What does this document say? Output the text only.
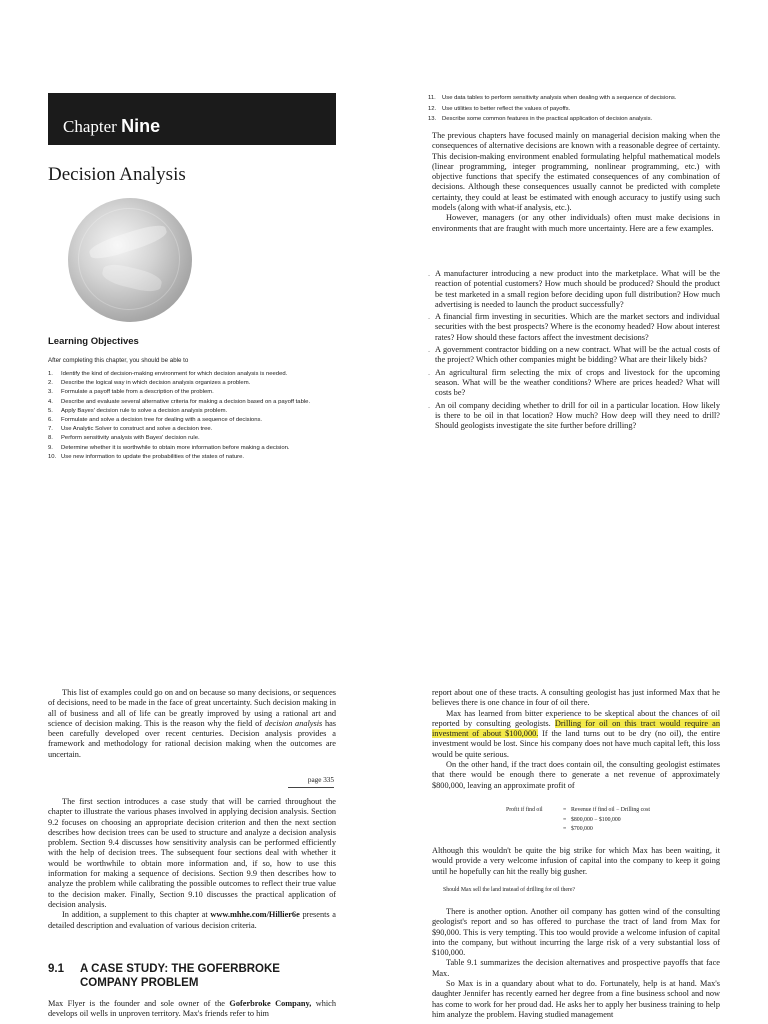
Chapter Nine
Decision Analysis
Learning Objectives
After completing this chapter, you should be able to
1.	Identify the kind of decision-making environment for which decision analysis is needed.
2.	Describe the logical way in which decision analysis organizes a problem.
3.	Formulate a payoff table from a description of the problem.
4.	Describe and evaluate several alternative criteria for making a decision based on a payoff table.
5.	Apply Bayes' decision rule to solve a decision analysis problem.
6.	Formulate and solve a decision tree for dealing with a sequence of decisions.
7.	Use Analytic Solver to construct and solve a decision tree.
8.	Perform sensitivity analysis with Bayes' decision rule.
9.	Determine whether it is worthwhile to obtain more information before making a decision.
10. Use new information to update the probabilities of the states of nature.
11.	Use data tables to perform sensitivity analysis when dealing with a sequence of decisions.
12. Use utilities to better reflect the values of payoffs.
13. Describe some common features in the practical application of decision analysis.

The previous chapters have focused mainly on managerial decision making when the consequences of alternative decisions are known with a reasonable degree of certainty. This decision-making environment enabled formulating helpful mathematical models (linear programming, integer programming, nonlinear programming, etc.) with objective functions that specify the estimated consequences of any combination of decisions. Although these consequences usually cannot be predicted with complete certainty, they could at least be estimated with enough accuracy to justify using such models (along with what-if analysis, etc.).

However, managers (or any other individuals) often must make decisions in environments that are fraught with much more uncertainty. Here are a few examples.

. A manufacturer introducing a new product into the marketplace. What will be the reaction of potential customers? How much should be produced? Should the product be test marketed in a small region before deciding upon full distribution? How much advertising is needed to launch the product successfully?
. A financial firm investing in securities. Which are the market sectors and individual securities with the best prospects? Where is the economy headed? How about interest rates? How should these factors affect the investment decisions?
. A government contractor bidding on a new contract. What will be the actual costs of the project? Which other companies might be bidding? What are their likely bids?
. An agricultural firm selecting the mix of crops and livestock for the upcoming season. What will be the weather conditions? Where are prices headed? What will costs be?
. An oil company deciding whether to drill for oil in a particular location. How likely is there to be oil in that location? How much? How deep will they need to drill? Should geologists investigate the site further before drilling?

This list of examples could go on and on because so many decisions, or sequences of decisions, need to be made in the face of great uncertainty. Such decision making in all of business and all of life can be greatly improved by using a rational art and science of decision making. This is the reason why the field of decision analysis has been carefully developed over recent centuries. Decision analysis provides a framework and methodology for rational decision making when the outcomes are uncertain.

page 335

The first section introduces a case study that will be carried throughout the chapter to illustrate the various phases involved in applying decision analysis. Section 9.2 focuses on choosing an appropriate decision criterion and then the next section describes how decision trees can be used to structure and analyze a decision analysis problem. Section 9.4 discusses how sensitivity analysis can be performed efficiently with the help of decision trees. The subsequent four sections deal with whether it would be worthwhile to obtain more information and, if so, how to use this information for making a sequence of decisions. Section 9.9 then describes how to analyze the problem while calibrating the possible outcomes to reflect their true value to the decision maker. Finally, Section 9.10 discusses the practical application of decision analysis.

In addition, a supplement to this chapter at www.mhhe.com/Hillier6e presents a detailed description and evaluation of various decision criteria.

9.1 A CASE STUDY: THE GOFERBROKE
COMPANY PROBLEM

Max Flyer is the founder and sole owner of the Goferbroke Company, which develops oil wells in unproven territory. Max's friends refer to him

report about one of these tracts. A consulting geologist has just informed Max that he believes there is one chance in four of oil there.

Max has learned from bitter experience to be skeptical about the chances of oil reported by consulting geologists. Drilling for oil on this tract would require an investment of about $100,000. If the land turns out to be dry (no oil), the entire investment would be lost. Since his company does not have much capital left, this loss would be quite serious.

On the other hand, if the tract does contain oil, the consulting geologist estimates that there would be enough there to generate a net revenue of approximately $800,000, leaving an approximate profit of

Profit if find oil	= Revenue if find oil − Drilling cost
= $800,000 − $100,000
= $700,000

Although this wouldn't be quite the big strike for which Max has been waiting, it would provide a very welcome infusion of capital into the company to keep it going until he hopefully can hit the really big gusher.

Should Max sell the land instead of drilling for oil there?

There is another option. Another oil company has gotten wind of the consulting geologist's report and so has offered to purchase the tract of land from Max for $90,000. This is very tempting. This too would provide a welcome infusion of capital into the company, but without incurring the large risk of a very substantial loss of $100,000.

Table 9.1 summarizes the decision alternatives and prospective payoffs that face Max.

So Max is in a quandary about what to do. Fortunately, help is at hand. Max's daughter Jennifer has recently earned her degree from a fine business school and now has come to work for her proud dad. He asks her to apply her business training to help him analyze the problem. Having studied management
